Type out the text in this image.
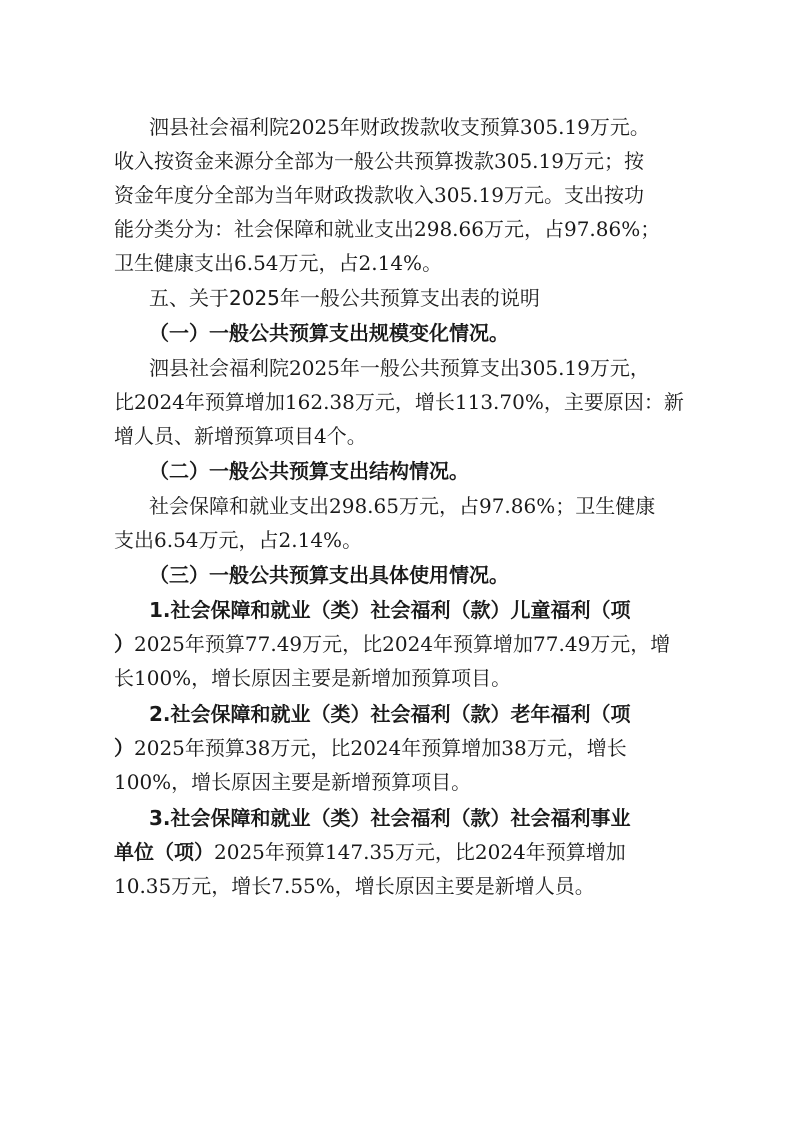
泗县社会福利院2025年财政拨款收支预算305.19万元。

收入按资金来源分全部为一般公共预算拨款305.19万元；按

资金年度分全部为当年财政拨款收入305.19万元。支出按功

能分类分为：社会保障和就业支出298.66万元，占97.86%；

卫生健康支出6.54万元，占2.14%。

五、关于2025年一般公共预算支出表的说明

（一）一般公共预算支出规模变化情况。

泗县社会福利院2025年一般公共预算支出305.19万元，

比2024年预算增加162.38万元，增长113.70%，主要原因：新

增人员、新增预算项目4个。

（二）一般公共预算支出结构情况。

社会保障和就业支出298.65万元，占97.86%；卫生健康

支出6.54万元，占2.14%。

（三）一般公共预算支出具体使用情况。

1.社会保障和就业（类）社会福利（款）儿童福利（项

）2025年预算77.49万元，比2024年预算增加77.49万元，增

长100%，增长原因主要是新增加预算项目。

2.社会保障和就业（类）社会福利（款）老年福利（项

）2025年预算38万元，比2024年预算增加38万元，增长

100%，增长原因主要是新增预算项目。

3.社会保障和就业（类）社会福利（款）社会福利事业

单位（项）2025年预算147.35万元，比2024年预算增加

10.35万元，增长7.55%，增长原因主要是新增人员。
